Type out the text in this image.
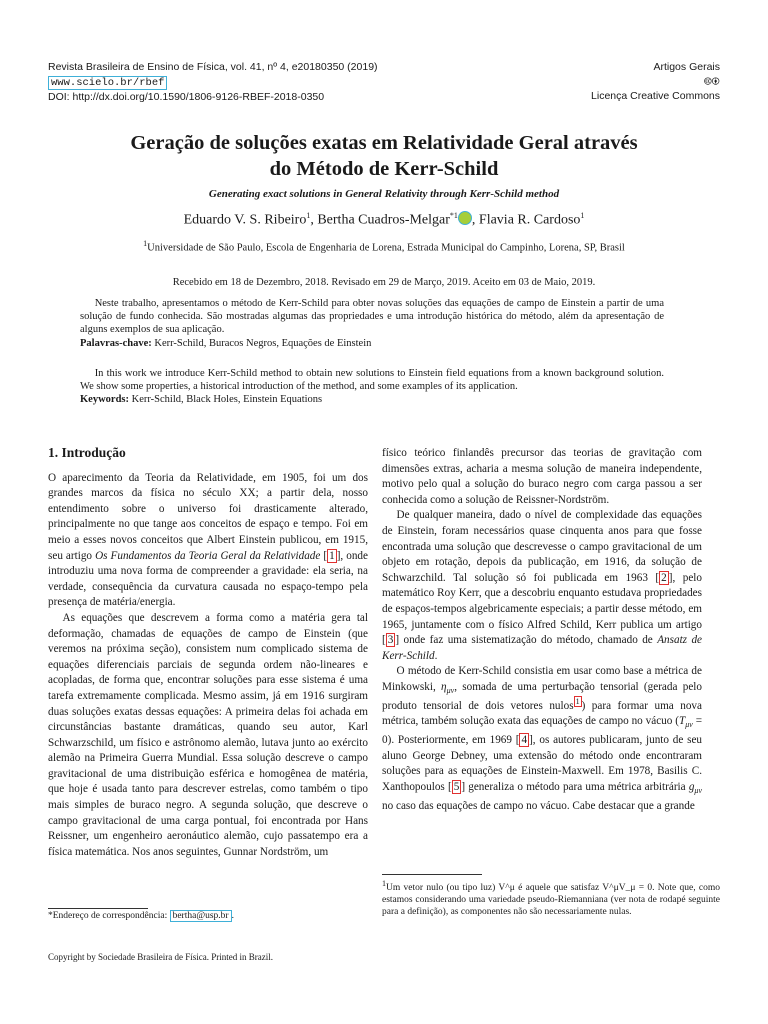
Revista Brasileira de Ensino de Física, vol. 41, nº 4, e20180350 (2019)
www.scielo.br/rbef
DOI: http://dx.doi.org/10.1590/1806-9126-RBEF-2018-0350
Artigos Gerais
🅭🅯
Licença Creative Commons
Geração de soluções exatas em Relatividade Geral através
do Método de Kerr-Schild
Generating exact solutions in General Relativity through Kerr-Schild method
Eduardo V. S. Ribeiro$^1$, Bertha Cuadros-Melgar$^{*1}$ , Flavia R. Cardoso$^1$
$^1$Universidade de São Paulo, Escola de Engenharia de Lorena, Estrada Municipal do Campinho, Lorena, SP, Brasil
Recebido em 18 de Dezembro, 2018. Revisado em 29 de Março, 2019. Aceito em 03 de Maio, 2019.

Neste trabalho, apresentamos o método de Kerr-Schild para obter novas soluções das equações de campo de Einstein a partir de uma solução de fundo conhecida. São mostradas algumas das propriedades e uma introdução histórica do método, além da apresentação de alguns exemplos de sua aplicação.

Palavras-chave: Kerr-Schild, Buracos Negros, Equações de Einstein

In this work we introduce Kerr-Schild method to obtain new solutions to Einstein field equations from a known background solution. We show some properties, a historical introduction of the method, and some examples of its application.

Keywords: Kerr-Schild, Black Holes, Einstein Equations
1. Introdução

O aparecimento da Teoria da Relatividade, em 1905, foi um dos grandes marcos da física no século XX; a partir dela, nosso entendimento sobre o universo foi drasticamente alterado, principalmente no que tange aos conceitos de espaço e tempo. Foi em meio a esses novos conceitos que Albert Einstein publicou, em 1915, seu artigo Os Fundamentos da Teoria Geral da Relatividade [ 1 ], onde introduziu uma nova forma de compreender a gravidade: ela seria, na verdade, consequência da curvatura causada no espaço-tempo pela presença de matéria/energia.

As equações que descrevem a forma como a matéria gera tal deformação, chamadas de equações de campo de Einstein (que veremos na próxima seção), consistem num complicado sistema de equações diferenciais parciais de segunda ordem não-lineares e acopladas, de forma que, encontrar soluções para esse sistema é uma tarefa extremamente complicada. Mesmo assim, já em 1916 surgiram duas soluções exatas dessas equações: A primeira delas foi achada em circunstâncias bastante dramáticas, quando seu autor, Karl Schwarzschild, um físico e astrônomo alemão, lutava junto ao exército alemão na Primeira Guerra Mundial. Essa solução descreve o campo gravitacional de uma distribuição esférica e homogênea de matéria, que hoje é usada tanto para descrever estrelas, como também o tipo mais simples de buraco negro. A segunda solução, que descreve o campo gravitacional de uma carga pontual, foi encontrada por Hans Reissner, um engenheiro aeronáutico alemão, cujo passatempo era a física matemática. Nos anos seguintes, Gunnar Nordström, um

físico teórico finlandês precursor das teorias de gravitação com dimensões extras, acharia a mesma solução de maneira independente, motivo pelo qual a solução do buraco negro com carga passou a ser conhecida como a solução de Reissner-Nordström.

De qualquer maneira, dado o nível de complexidade das equações de Einstein, foram necessários quase cinquenta anos para que fosse encontrada uma solução que descrevesse o campo gravitacional de um objeto em rotação, depois da publicação, em 1916, da solução de Schwarzchild. Tal solução só foi publicada em 1963 [ 2 ], pelo matemático Roy Kerr, que a descobriu enquanto estudava propriedades de espaços-tempos algebricamente especiais; a partir desse método, em 1965, juntamente com o físico Alfred Schild, Kerr publica um artigo [ 3 ] onde faz uma sistematização do método, chamado de Ansatz de Kerr-Schild.

O método de Kerr-Schild consistia em usar como base a métrica de Minkowski, $\eta_{\mu\nu}$, somada de uma perturbação tensorial (gerada pelo produto tensorial de dois vetores nulos $^1$ ) para formar uma nova métrica, também solução exata das equações de campo no vácuo $(T_{\mu\nu} = 0)$. Posteriormente, em 1969 [ 4 ], os autores publicaram, junto de seu aluno George Debney, uma extensão do método onde encontraram soluções para as equações de Einstein-Maxwell. Em 1978, Basilis C. Xanthopoulos [ 5 ] generaliza o método para uma métrica arbitrária $g_{\mu\nu}$ no caso das equações de campo no vácuo. Cabe destacar que a grande

$^1$Um vetor nulo (ou tipo luz) V^μ é aquele que satisfaz V^μV_μ = 0. Note que, como estamos considerando uma variedade pseudo-Riemanniana (ver nota de rodapé seguinte para a definição), as componentes não são necessariamente nulas.
*Endereço de correspondência: bertha@usp.br .
Copyright by Sociedade Brasileira de Física. Printed in Brazil.
